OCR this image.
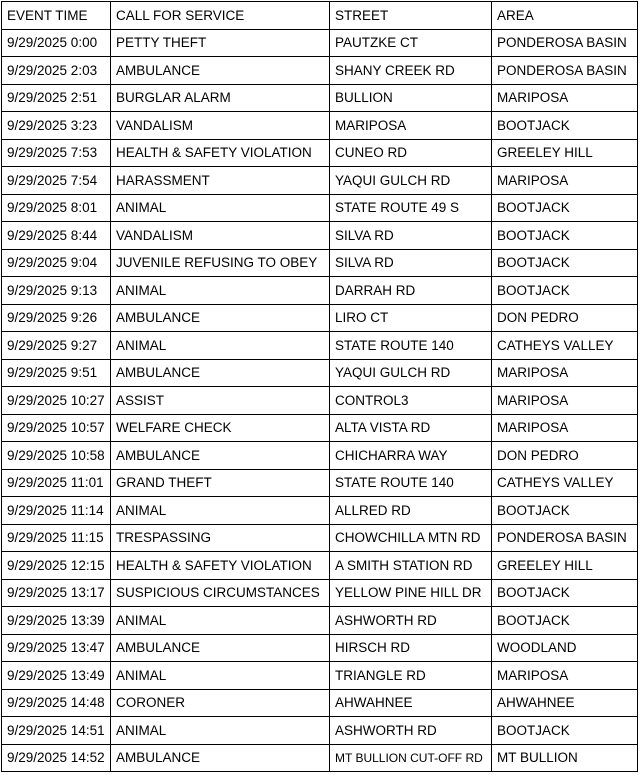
EVENT TIME	CALL FOR SERVICE	STREET	AREA
9/29/2025 0:00	PETTY THEFT	PAUTZKE CT	PONDEROSA BASIN
9/29/2025 2:03	AMBULANCE	SHANY CREEK RD	PONDEROSA BASIN
9/29/2025 2:51	BURGLAR ALARM	BULLION	MARIPOSA
9/29/2025 3:23	VANDALISM	MARIPOSA	BOOTJACK
9/29/2025 7:53	HEALTH & SAFETY VIOLATION	CUNEO RD	GREELEY HILL
9/29/2025 7:54	HARASSMENT	YAQUI GULCH RD	MARIPOSA
9/29/2025 8:01	ANIMAL	STATE ROUTE 49 S	BOOTJACK
9/29/2025 8:44	VANDALISM	SILVA RD	BOOTJACK
9/29/2025 9:04	JUVENILE REFUSING TO OBEY	SILVA RD	BOOTJACK
9/29/2025 9:13	ANIMAL	DARRAH RD	BOOTJACK
9/29/2025 9:26	AMBULANCE	LIRO CT	DON PEDRO
9/29/2025 9:27	ANIMAL	STATE ROUTE 140	CATHEYS VALLEY
9/29/2025 9:51	AMBULANCE	YAQUI GULCH RD	MARIPOSA
9/29/2025 10:27	ASSIST	CONTROL3	MARIPOSA
9/29/2025 10:57	WELFARE CHECK	ALTA VISTA RD	MARIPOSA
9/29/2025 10:58	AMBULANCE	CHICHARRA WAY	DON PEDRO
9/29/2025 11:01	GRAND THEFT	STATE ROUTE 140	CATHEYS VALLEY
9/29/2025 11:14	ANIMAL	ALLRED RD	BOOTJACK
9/29/2025 11:15	TRESPASSING	CHOWCHILLA MTN RD	PONDEROSA BASIN
9/29/2025 12:15	HEALTH & SAFETY VIOLATION	A SMITH STATION RD	GREELEY HILL
9/29/2025 13:17	SUSPICIOUS CIRCUMSTANCES	YELLOW PINE HILL DR	BOOTJACK
9/29/2025 13:39	ANIMAL	ASHWORTH RD	BOOTJACK
9/29/2025 13:47	AMBULANCE	HIRSCH RD	WOODLAND
9/29/2025 13:49	ANIMAL	TRIANGLE RD	MARIPOSA
9/29/2025 14:48	CORONER	AHWAHNEE	AHWAHNEE
9/29/2025 14:51	ANIMAL	ASHWORTH RD	BOOTJACK
9/29/2025 14:52	AMBULANCE	MT BULLION CUT-OFF RD	MT BULLION
